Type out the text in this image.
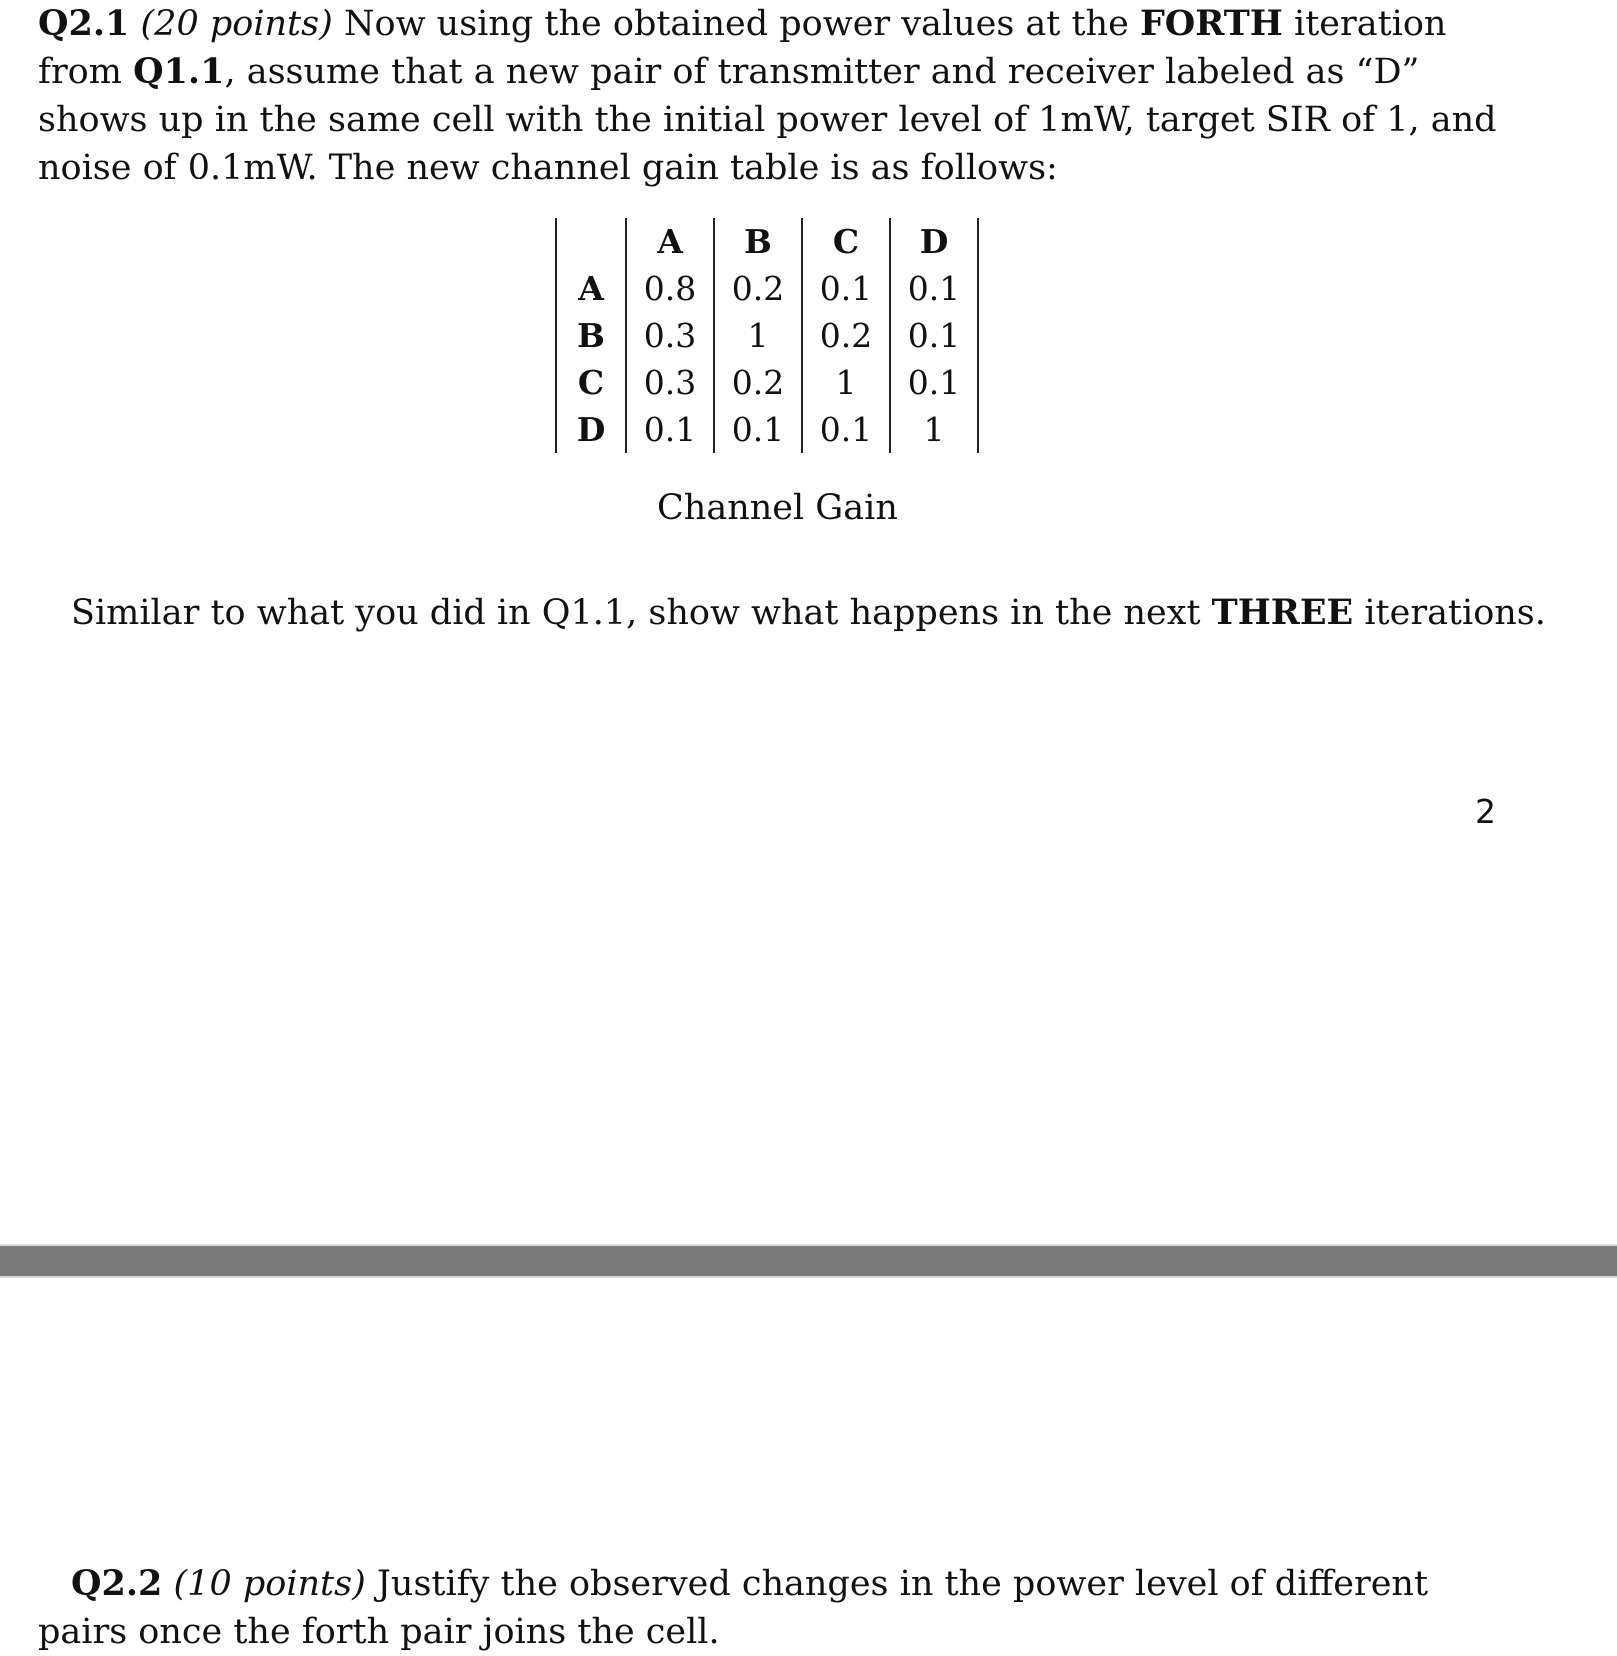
Q2.1 (20 points) Now using the obtained power values at the FORTH iteration from Q1.1, assume that a new pair of transmitter and receiver labeled as “D” shows up in the same cell with the initial power level of 1mW, target SIR of 1, and noise of 0.1mW. The new channel gain table is as follows:

	A	B	C	D
A	0.8	0.2	0.1	0.1
B	0.3	1	0.2	0.1
C	0.3	0.2	1	0.1
D	0.1	0.1	0.1	1

Channel Gain

Similar to what you did in Q1.1, show what happens in the next THREE iterations.

2

Q2.2 (10 points) Justify the observed changes in the power level of different pairs once the forth pair joins the cell.
